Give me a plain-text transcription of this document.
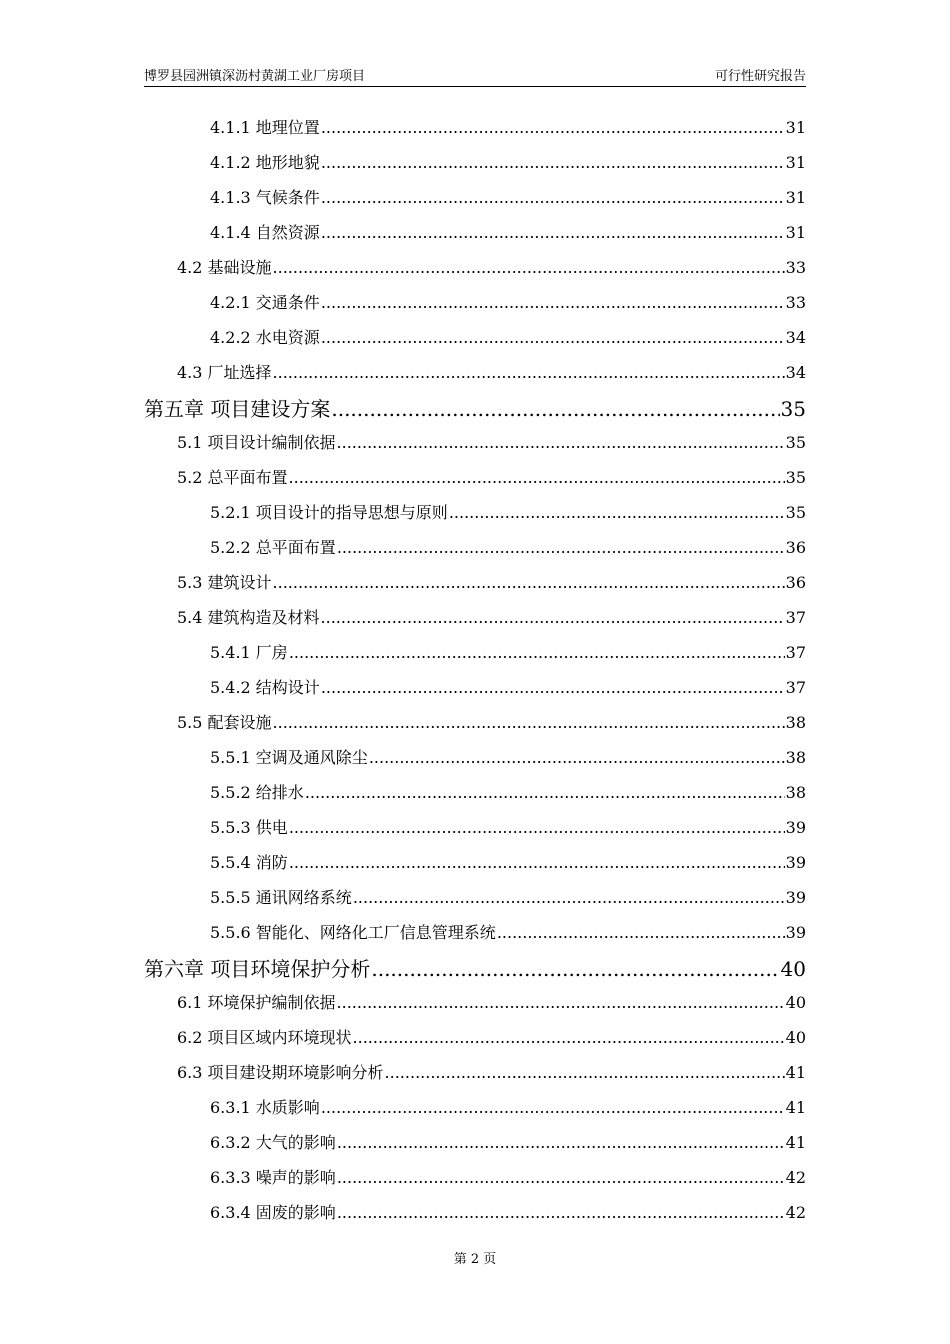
博罗县园洲镇深沥村黄湖工业厂房项目	可行性研究报告
4.1.1 地理位置 .....	31
4.1.2 地形地貌 .....	31
4.1.3 气候条件 .....	31
4.1.4 自然资源 .....	31
4.2 基础设施 .....	33
4.2.1 交通条件 .....	33
4.2.2 水电资源 .....	34
4.3 厂址选择 .....	34
第五章 项目建设方案 .....	35
5.1 项目设计编制依据 .....	35
5.2 总平面布置 .....	35
5.2.1 项目设计的指导思想与原则 .....	35
5.2.2 总平面布置 .....	36
5.3 建筑设计 .....	36
5.4 建筑构造及材料 .....	37
5.4.1 厂房 .....	37
5.4.2 结构设计 .....	37
5.5 配套设施 .....	38
5.5.1 空调及通风除尘 .....	38
5.5.2 给排水 .....	38
5.5.3 供电 .....	39
5.5.4 消防 .....	39
5.5.5 通讯网络系统 .....	39
5.5.6 智能化、网络化工厂信息管理系统 .....	39
第六章 项目环境保护分析 .....	40
6.1 环境保护编制依据 .....	40
6.2 项目区域内环境现状 .....	40
6.3 项目建设期环境影响分析 .....	41
6.3.1 水质影响 .....	41
6.3.2 大气的影响 .....	41
6.3.3 噪声的影响 .....	42
6.3.4 固废的影响 .....	42
第 2 页
